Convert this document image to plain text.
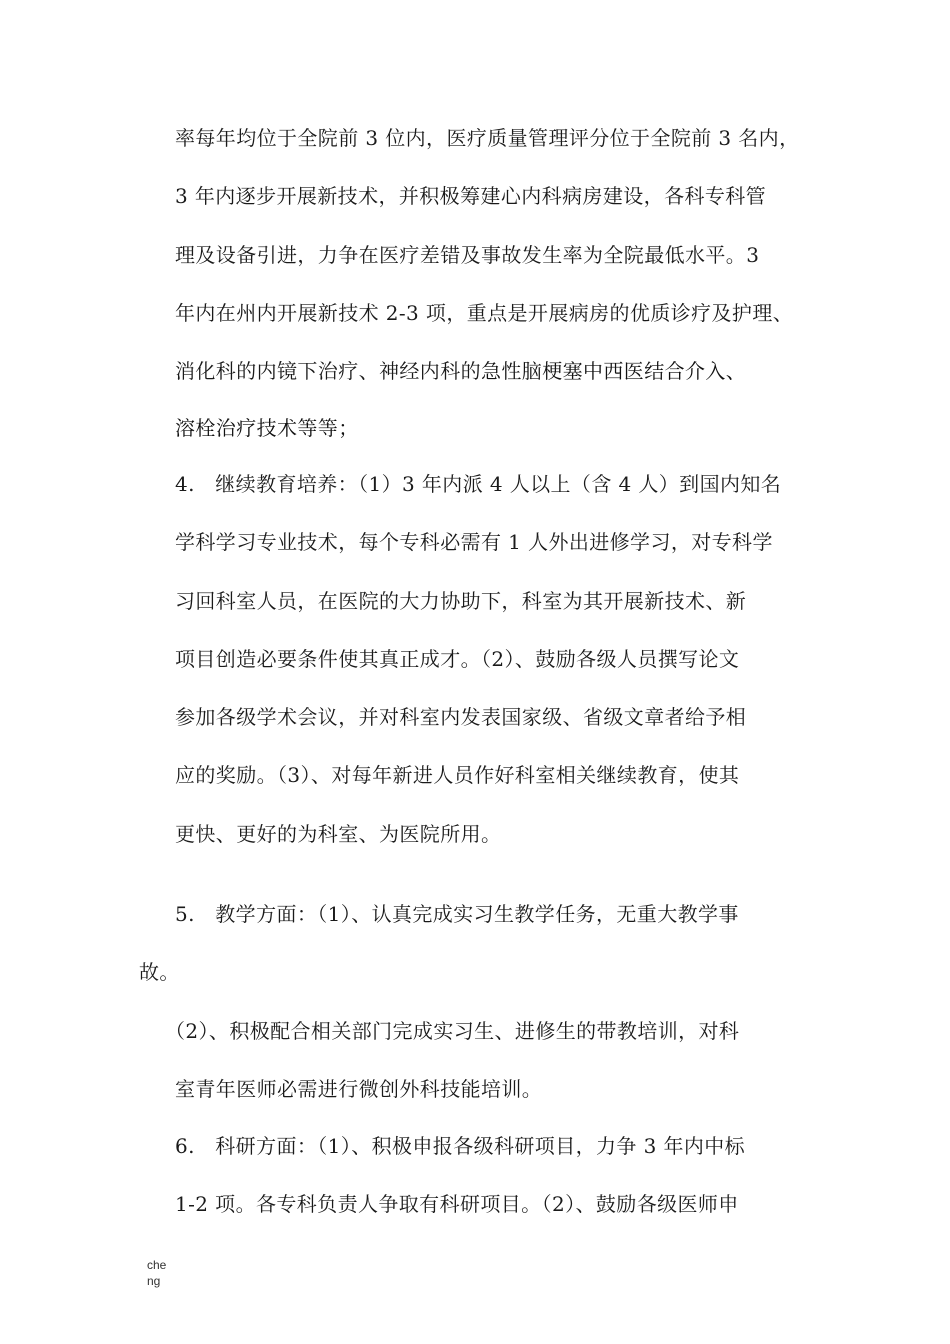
率每年均位于全院前 3 位内，医疗质量管理评分位于全院前 3 名内，
3 年内逐步开展新技术，并积极筹建心内科病房建设，各科专科管
理及设备引进，力争在医疗差错及事故发生率为全院最低水平。3
年内在州内开展新技术 2-3 项，重点是开展病房的优质诊疗及护理、
消化科的内镜下治疗、神经内科的急性脑梗塞中西医结合介入、
溶栓治疗技术等等；
4.　继续教育培养：（1）3 年内派 4 人以上（含 4 人）到国内知名
学科学习专业技术，每个专科必需有 1 人外出进修学习，对专科学
习回科室人员，在医院的大力协助下，科室为其开展新技术、新
项目创造必要条件使其真正成才。（2）、鼓励各级人员撰写论文
参加各级学术会议，并对科室内发表国家级、省级文章者给予相
应的奖励。（3）、对每年新进人员作好科室相关继续教育，使其
更快、更好的为科室、为医院所用。
5.　教学方面：（1）、认真完成实习生教学任务，无重大教学事
故。
（2）、积极配合相关部门完成实习生、进修生的带教培训，对科
室青年医师必需进行微创外科技能培训。
6.　科研方面：（1）、积极申报各级科研项目，力争 3 年内中标
1-2 项。各专科负责人争取有科研项目。（2）、鼓励各级医师申
che
ng
